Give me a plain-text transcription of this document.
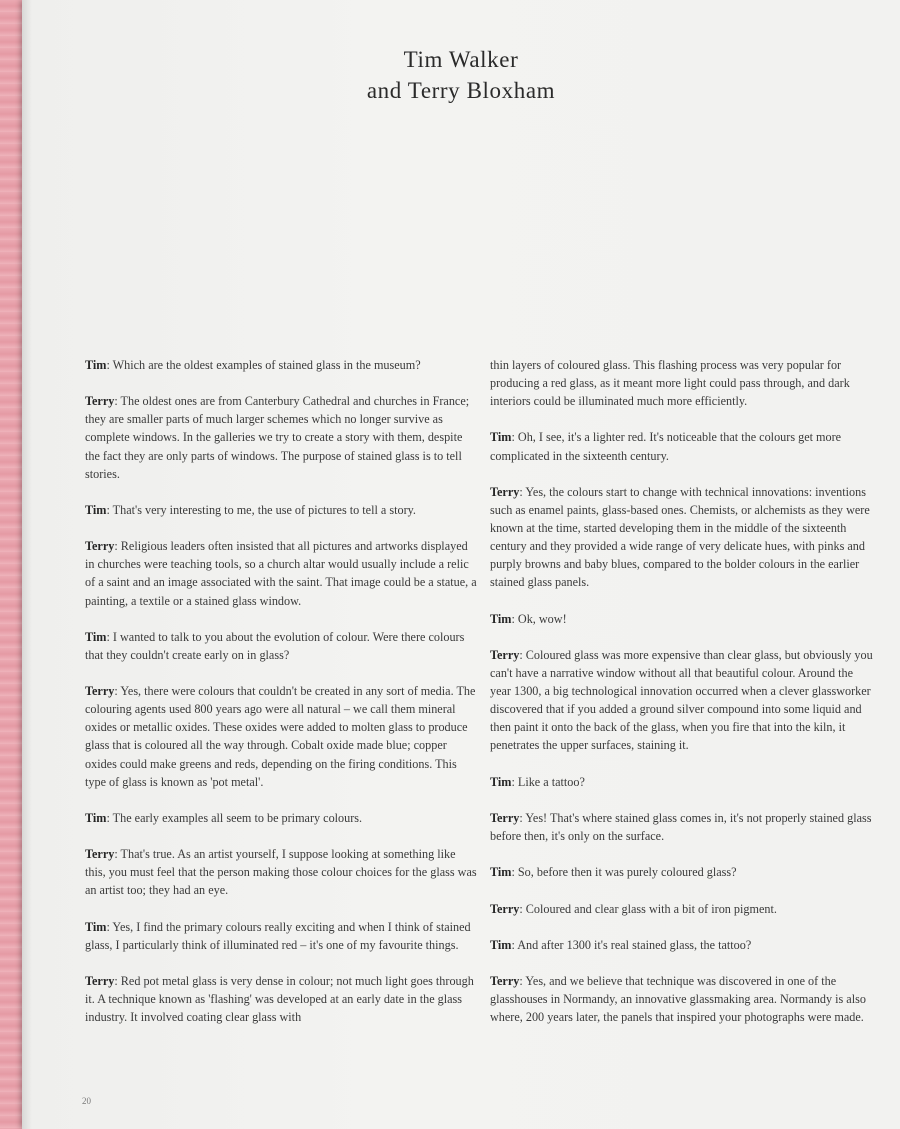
Tim Walker
and Terry Bloxham

Tim: Which are the oldest examples of stained glass in the museum?

Terry: The oldest ones are from Canterbury Cathedral and churches in France; they are smaller parts of much larger schemes which no longer survive as complete windows. In the galleries we try to create a story with them, despite the fact they are only parts of windows. The purpose of stained glass is to tell stories.

Tim: That's very interesting to me, the use of pictures to tell a story.

Terry: Religious leaders often insisted that all pictures and artworks displayed in churches were teaching tools, so a church altar would usually include a relic of a saint and an image associated with the saint. That image could be a statue, a painting, a textile or a stained glass window.

Tim: I wanted to talk to you about the evolution of colour. Were there colours that they couldn't create early on in glass?

Terry: Yes, there were colours that couldn't be created in any sort of media. The colouring agents used 800 years ago were all natural – we call them mineral oxides or metallic oxides. These oxides were added to molten glass to produce glass that is coloured all the way through. Cobalt oxide made blue; copper oxides could make greens and reds, depending on the firing conditions. This type of glass is known as 'pot metal'.

Tim: The early examples all seem to be primary colours.

Terry: That's true. As an artist yourself, I suppose looking at something like this, you must feel that the person making those colour choices for the glass was an artist too; they had an eye.

Tim: Yes, I find the primary colours really exciting and when I think of stained glass, I particularly think of illuminated red – it's one of my favourite things.

Terry: Red pot metal glass is very dense in colour; not much light goes through it. A technique known as 'flashing' was developed at an early date in the glass industry. It involved coating clear glass with

thin layers of coloured glass. This flashing process was very popular for producing a red glass, as it meant more light could pass through, and dark interiors could be illuminated much more efficiently.

Tim: Oh, I see, it's a lighter red. It's noticeable that the colours get more complicated in the sixteenth century.

Terry: Yes, the colours start to change with technical innovations: inventions such as enamel paints, glass-based ones. Chemists, or alchemists as they were known at the time, started developing them in the middle of the sixteenth century and they provided a wide range of very delicate hues, with pinks and purply browns and baby blues, compared to the bolder colours in the earlier stained glass panels.

Tim: Ok, wow!

Terry: Coloured glass was more expensive than clear glass, but obviously you can't have a narrative window without all that beautiful colour. Around the year 1300, a big technological innovation occurred when a clever glassworker discovered that if you added a ground silver compound into some liquid and then paint it onto the back of the glass, when you fire that into the kiln, it penetrates the upper surfaces, staining it.

Tim: Like a tattoo?

Terry: Yes! That's where stained glass comes in, it's not properly stained glass before then, it's only on the surface.

Tim: So, before then it was purely coloured glass?

Terry: Coloured and clear glass with a bit of iron pigment.

Tim: And after 1300 it's real stained glass, the tattoo?

Terry: Yes, and we believe that technique was discovered in one of the glasshouses in Normandy, an innovative glassmaking area. Normandy is also where, 200 years later, the panels that inspired your photographs were made.

20
